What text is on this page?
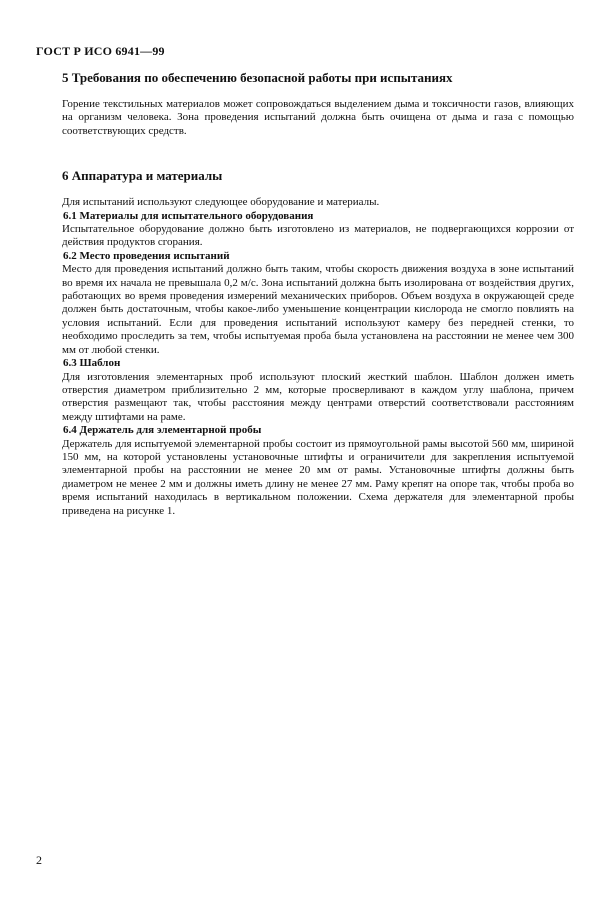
ГОСТ Р ИСО 6941—99
5 Требования по обеспечению безопасной работы при испытаниях

Горение текстильных материалов может сопровождаться выделением дыма и токсичности газов, влияющих на организм человека. Зона проведения испытаний должна быть очищена от дыма и газа с помощью соответствующих средств.

6 Аппаратура и материалы

Для испытаний используют следующее оборудование и материалы.

6.1 Материалы для испытательного оборудования

Испытательное оборудование должно быть изготовлено из материалов, не подвергающихся коррозии от действия продуктов сгорания.

6.2 Место проведения испытаний

Место для проведения испытаний должно быть таким, чтобы скорость движения воздуха в зоне испытаний во время их начала не превышала 0,2 м/с. Зона испытаний должна быть изолирована от воздействия других, работающих во время проведения измерений механических приборов. Объем воздуха в окружающей среде должен быть достаточным, чтобы какое-либо уменьшение концентрации кислорода не смогло повлиять на условия испытаний. Если для проведения испытаний используют камеру без передней стенки, то необходимо проследить за тем, чтобы испытуемая проба была установлена на расстоянии не менее чем 300 мм от любой стенки.

6.3 Шаблон

Для изготовления элементарных проб используют плоский жесткий шаблон. Шаблон должен иметь отверстия диаметром приблизительно 2 мм, которые просверливают в каждом углу шаблона, причем отверстия размещают так, чтобы расстояния между центрами отверстий соответствовали расстояниям между штифтами на раме.

6.4 Держатель для элементарной пробы

Держатель для испытуемой элементарной пробы состоит из прямоугольной рамы высотой 560 мм, шириной 150 мм, на которой установлены установочные штифты и ограничители для закрепления испытуемой элементарной пробы на расстоянии не менее 20 мм от рамы. Установочные штифты должны быть диаметром не менее 2 мм и должны иметь длину не менее 27 мм. Раму крепят на опоре так, чтобы проба во время испытаний находилась в вертикальном положении. Схема держателя для элементарной пробы приведена на рисунке 1.

2
